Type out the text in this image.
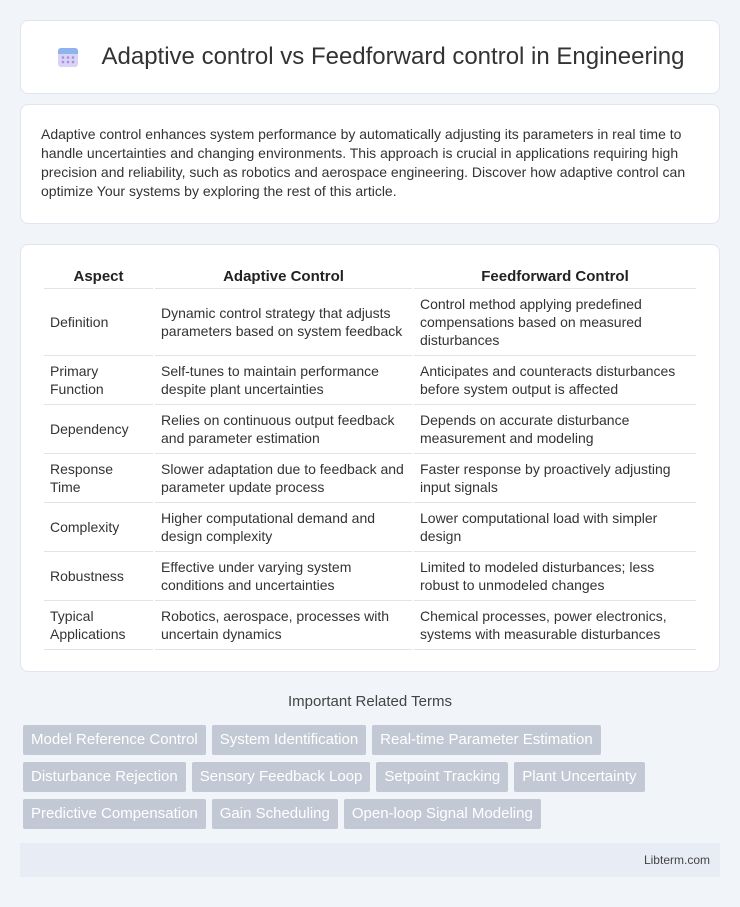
Adaptive control vs Feedforward control in Engineering

Adaptive control enhances system performance by automatically adjusting its parameters in real time to handle uncertainties and changing environments. This approach is crucial in applications requiring high precision and reliability, such as robotics and aerospace engineering. Discover how adaptive control can optimize Your systems by exploring the rest of this article.

Aspect	Adaptive Control	Feedforward Control
Definition	Dynamic control strategy that adjusts parameters based on system feedback	Control method applying predefined compensations based on measured disturbances
Primary Function	Self-tunes to maintain performance despite plant uncertainties	Anticipates and counteracts disturbances before system output is affected
Dependency	Relies on continuous output feedback and parameter estimation	Depends on accurate disturbance measurement and modeling
Response Time	Slower adaptation due to feedback and parameter update process	Faster response by proactively adjusting input signals
Complexity	Higher computational demand and design complexity	Lower computational load with simpler design
Robustness	Effective under varying system conditions and uncertainties	Limited to modeled disturbances; less robust to unmodeled changes
Typical Applications	Robotics, aerospace, processes with uncertain dynamics	Chemical processes, power electronics, systems with measurable disturbances
Important Related Terms
Model Reference Control	System Identification	Real-time Parameter Estimation
Disturbance Rejection	Sensory Feedback Loop	Setpoint Tracking	Plant Uncertainty
Predictive Compensation	Gain Scheduling	Open-loop Signal Modeling
Libterm.com
